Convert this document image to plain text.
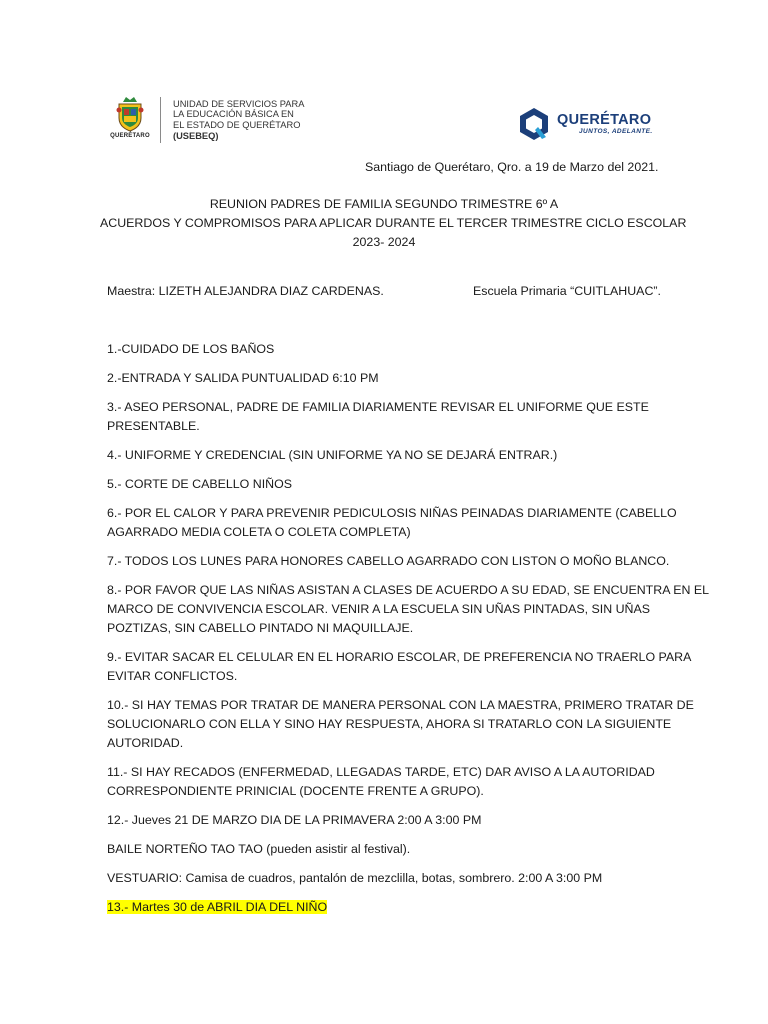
QUERÉTARO
UNIDAD DE SERVICIOS PARA
LA EDUCACIÓN BÁSICA EN
EL ESTADO DE QUERÉTARO
(USEBEQ)
QUERÉTARO
JUNTOS, ADELANTE.
Santiago de Querétaro, Qro. a 19 de Marzo del 2021.
REUNION PADRES DE FAMILIA SEGUNDO TRIMESTRE 6º A
ACUERDOS Y COMPROMISOS PARA APLICAR DURANTE EL TERCER TRIMESTRE CICLO ESCOLAR
2023- 2024
Maestra: LIZETH ALEJANDRA DIAZ CARDENAS.	Escuela Primaria “CUITLAHUAC”.
1.-CUIDADO DE LOS BAÑOS
2.-ENTRADA Y SALIDA PUNTUALIDAD 6:10 PM
3.- ASEO PERSONAL, PADRE DE FAMILIA DIARIAMENTE REVISAR EL UNIFORME QUE ESTE
PRESENTABLE.
4.- UNIFORME Y CREDENCIAL (SIN UNIFORME YA NO SE DEJARÁ ENTRAR.)
5.- CORTE DE CABELLO NIÑOS
6.- POR EL CALOR Y PARA PREVENIR PEDICULOSIS NIÑAS PEINADAS DIARIAMENTE (CABELLO
AGARRADO MEDIA COLETA O COLETA COMPLETA)
7.- TODOS LOS LUNES PARA HONORES CABELLO AGARRADO CON LISTON O MOÑO BLANCO.
8.- POR FAVOR QUE LAS NIÑAS ASISTAN A CLASES DE ACUERDO A SU EDAD, SE ENCUENTRA EN EL
MARCO DE CONVIVENCIA ESCOLAR. VENIR A LA ESCUELA SIN UÑAS PINTADAS, SIN UÑAS
POZTIZAS, SIN CABELLO PINTADO NI MAQUILLAJE.
9.- EVITAR SACAR EL CELULAR EN EL HORARIO ESCOLAR, DE PREFERENCIA NO TRAERLO PARA
EVITAR CONFLICTOS.
10.- SI HAY TEMAS POR TRATAR DE MANERA PERSONAL CON LA MAESTRA, PRIMERO TRATAR DE
SOLUCIONARLO CON ELLA Y SINO HAY RESPUESTA, AHORA SI TRATARLO CON LA SIGUIENTE
AUTORIDAD.
11.- SI HAY RECADOS (ENFERMEDAD, LLEGADAS TARDE, ETC) DAR AVISO A LA AUTORIDAD
CORRESPONDIENTE PRINICIAL (DOCENTE FRENTE A GRUPO).
12.- Jueves 21 DE MARZO DIA DE LA PRIMAVERA 2:00 A 3:00 PM
BAILE NORTEÑO TAO TAO (pueden asistir al festival).
VESTUARIO: Camisa de cuadros, pantalón de mezclilla, botas, sombrero. 2:00 A 3:00 PM
13.- Martes 30 de ABRIL DIA DEL NIÑO
